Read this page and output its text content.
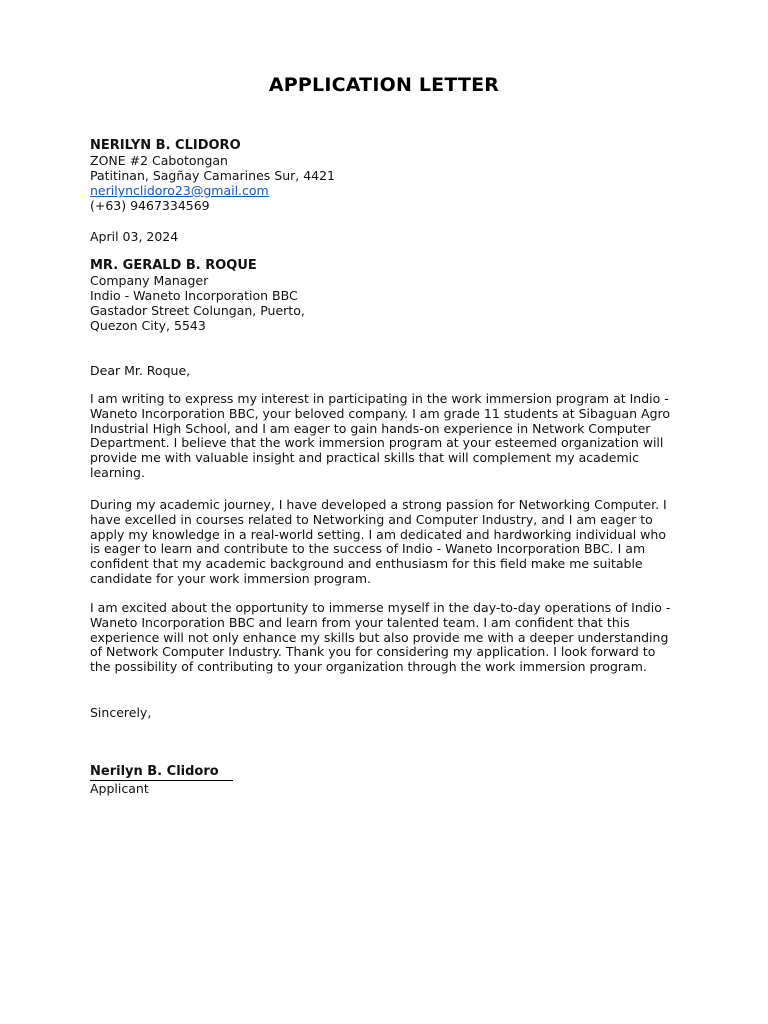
APPLICATION LETTER
NERILYN B. CLIDORO
ZONE #2 Cabotongan
Patitinan, Sagñay Camarines Sur, 4421
nerilynclidoro23@gmail.com
(+63) 9467334569
April 03, 2024
MR. GERALD B. ROQUE
Company Manager
Indio - Waneto Incorporation BBC
Gastador Street Colungan, Puerto,
Quezon City, 5543
Dear Mr. Roque,

I am writing to express my interest in participating in the work immersion program at Indio - Waneto Incorporation BBC, your beloved company. I am grade 11 students at Sibaguan Agro Industrial High School, and I am eager to gain hands-on experience in Network Computer Department. I believe that the work immersion program at your esteemed organization will provide me with valuable insight and practical skills that will complement my academic learning.

During my academic journey, I have developed a strong passion for Networking Computer. I have excelled in courses related to Networking and Computer Industry, and I am eager to apply my knowledge in a real-world setting. I am dedicated and hardworking individual who is eager to learn and contribute to the success of Indio - Waneto Incorporation BBC. I am confident that my academic background and enthusiasm for this field make me suitable candidate for your work immersion program.

I am excited about the opportunity to immerse myself in the day-to-day operations of Indio - Waneto Incorporation BBC and learn from your talented team. I am confident that this experience will not only enhance my skills but also provide me with a deeper understanding of Network Computer Industry. Thank you for considering my application. I look forward to the possibility of contributing to your organization through the work immersion program.

Sincerely,
Nerilyn B. Clidoro
Applicant
